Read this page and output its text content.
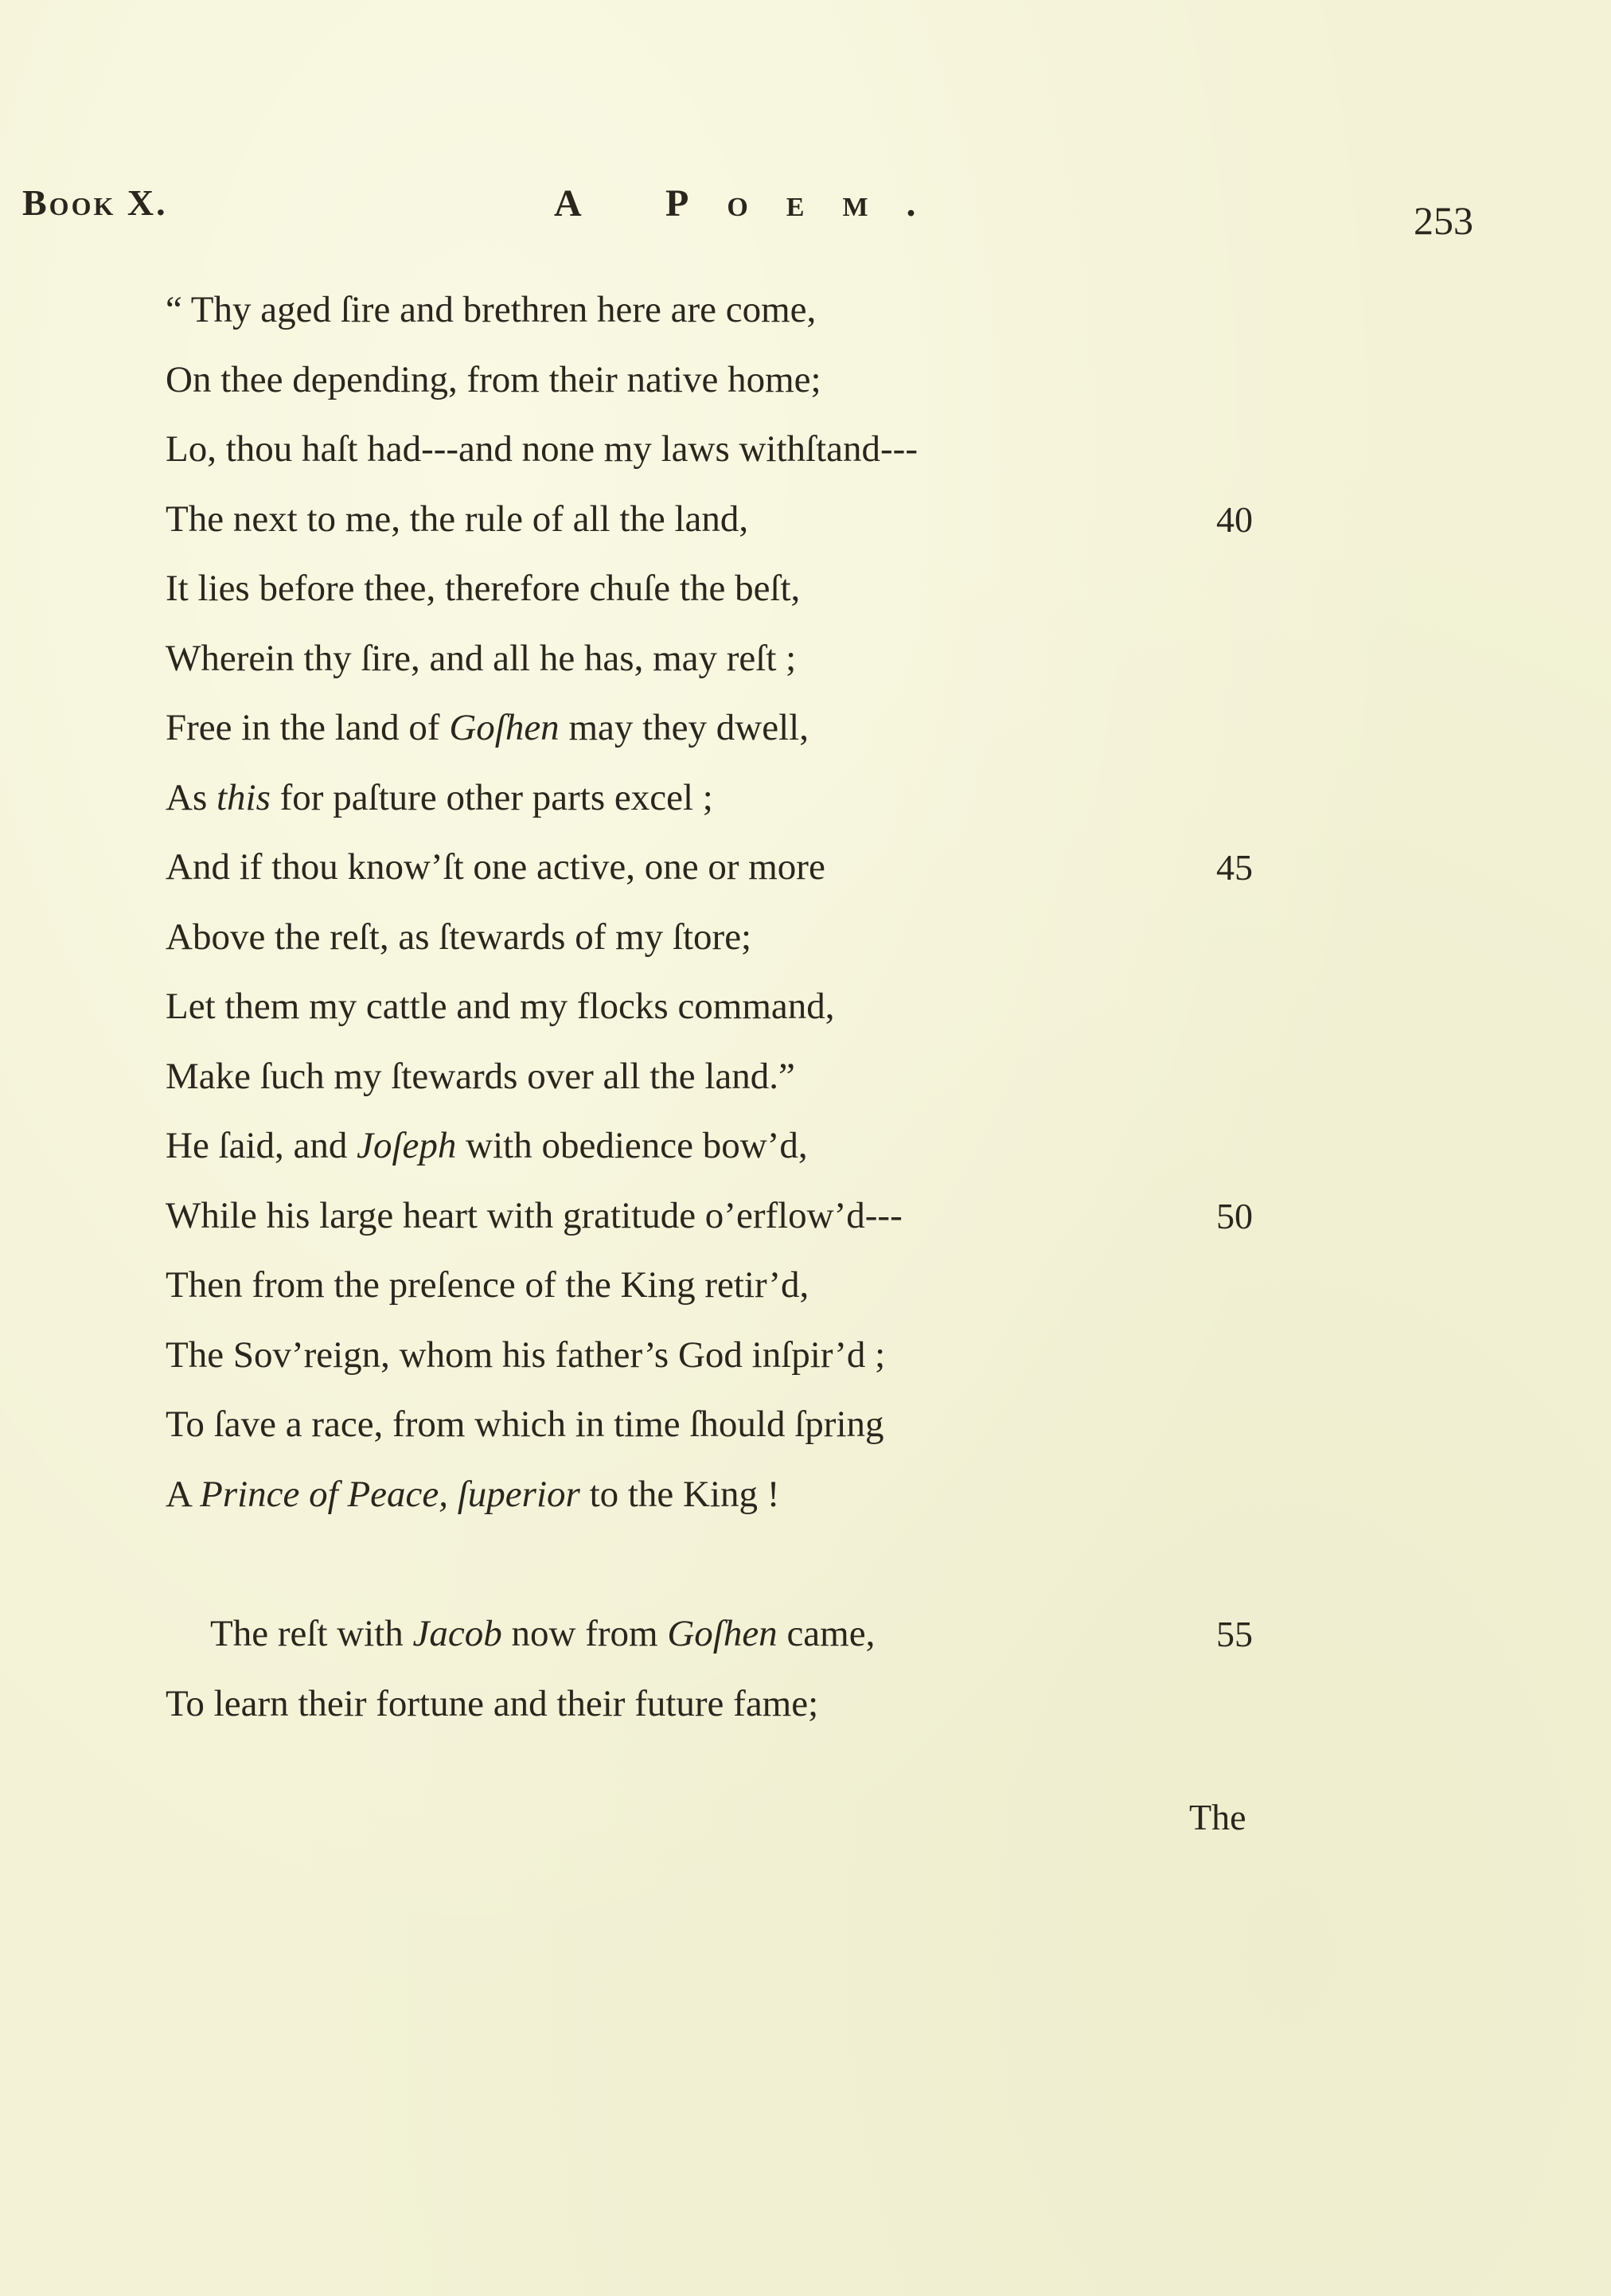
Book X.	A Poem.	253
“ Thy aged ſire and brethren here are come,
On thee depending, from their native home;
Lo, thou haſt had---and none my laws withſtand---
The next to me, the rule of all the land,	40
It lies before thee, therefore chuſe the beſt,
Wherein thy ſire, and all he has, may reſt ;
Free in the land of Goſhen may they dwell,
As this for paſture other parts excel ;
And if thou know’ſt one active, one or more	45
Above the reſt, as ſtewards of my ſtore;
Let them my cattle and my flocks command,
Make ſuch my ſtewards over all the land.”
He ſaid, and Joſeph with obedience bow’d,
While his large heart with gratitude o’erflow’d---	50
Then from the preſence of the King retir’d,
The Sov’reign, whom his father’s God inſpir’d ;
To ſave a race, from which in time ſhould ſpring
A Prince of Peace, ſuperior to the King !
The reſt with Jacob now from Goſhen came,	55
To learn their fortune and their future fame;
The
